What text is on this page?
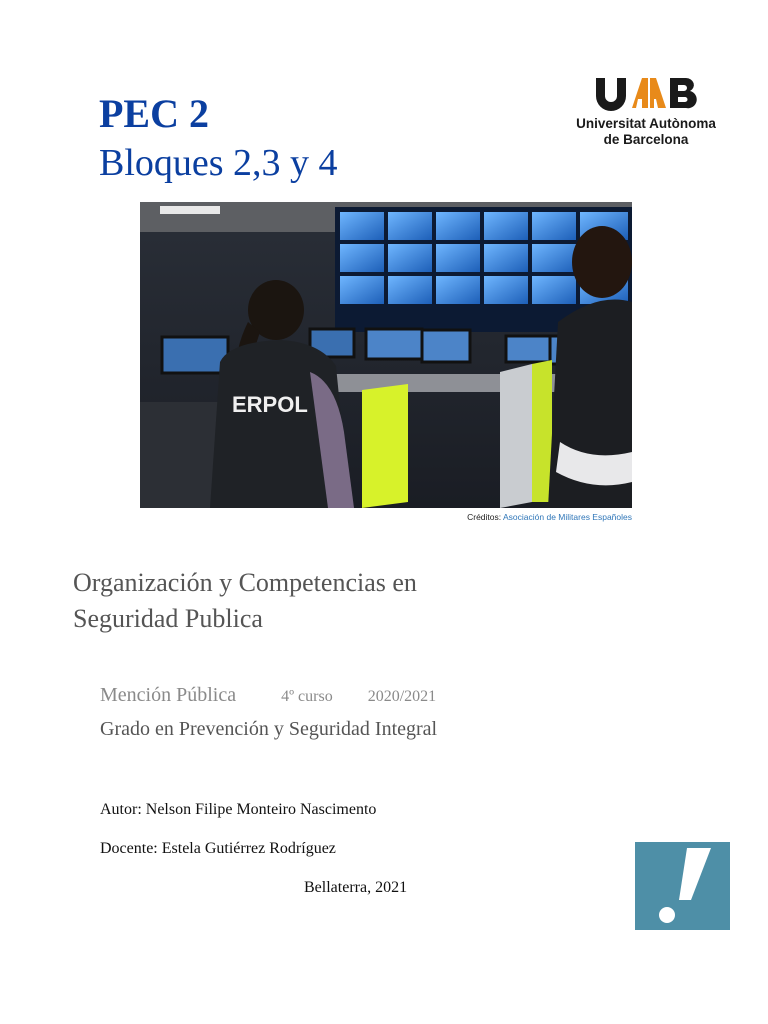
PEC 2
Bloques 2,3 y 4
Universitat Autònoma
de Barcelona
ERPOL
Créditos: Asociación de Militares Españoles
Organización y Competencias en
Seguridad Publica
Mención Pública	4º curso 2020/2021
Grado en Prevención y Seguridad Integral
Autor: Nelson Filipe Monteiro Nascimento
Docente: Estela Gutiérrez Rodríguez
Bellaterra, 2021
